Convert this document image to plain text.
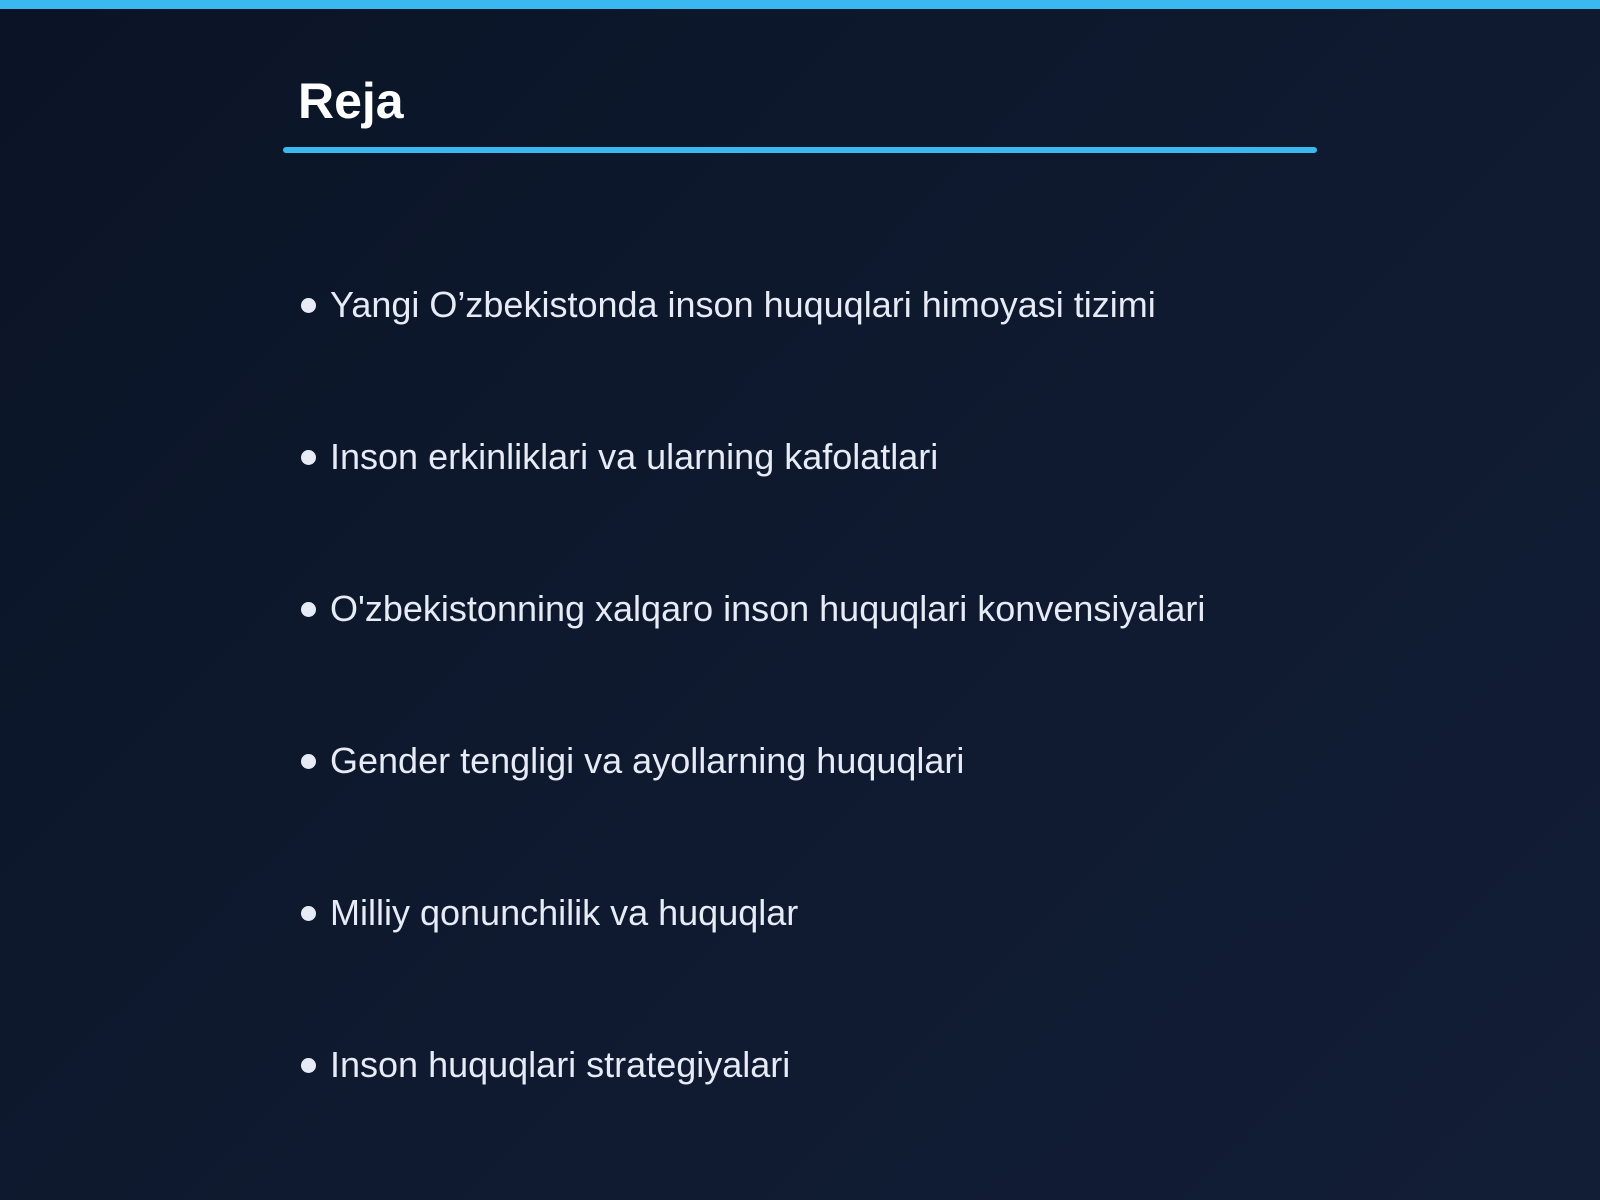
Reja
Yangi O’zbekistonda inson huquqlari himoyasi tizimi
Inson erkinliklari va ularning kafolatlari
O'zbekistonning xalqaro inson huquqlari konvensiyalari
Gender tengligi va ayollarning huquqlari
Milliy qonunchilik va huquqlar
Inson huquqlari strategiyalari
